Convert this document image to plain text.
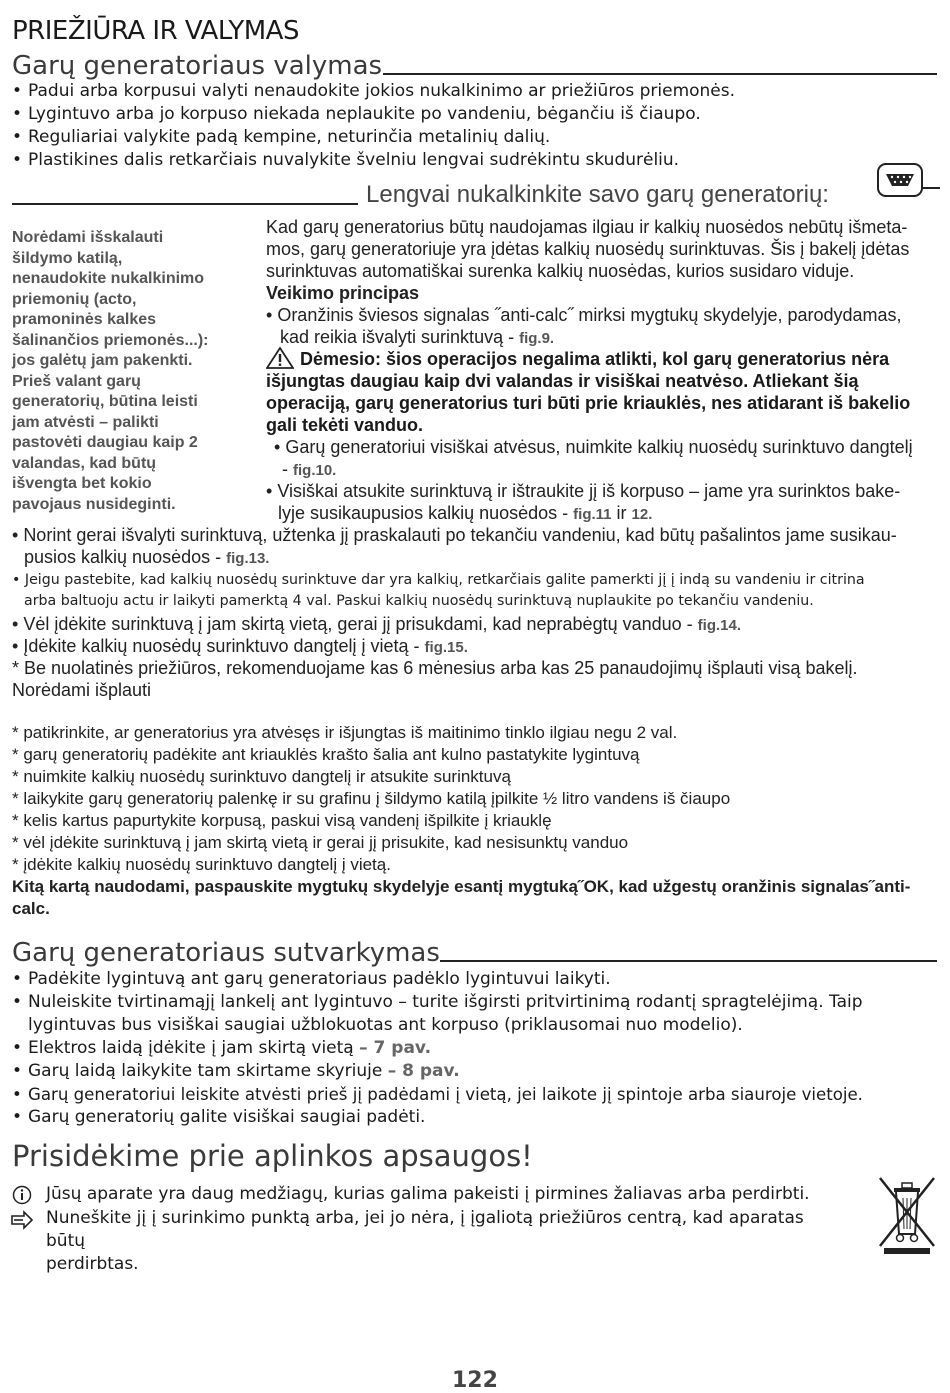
PRIEŽIŪRA IR VALYMAS
Garų generatoriaus valymas
• Padui arba korpusui valyti nenaudokite jokios nukalkinimo ar priežiūros priemonės.
• Lygintuvo arba jo korpuso niekada neplaukite po vandeniu, bėgančiu iš čiaupo.
• Reguliariai valykite padą kempine, neturinčia metalinių dalių.
• Plastikines dalis retkarčiais nuvalykite švelniu lengvai sudrėkintu skudurėliu.
Lengvai nukalkinkite savo garų generatorių:
Norėdami išskalauti
šildymo katilą,
nenaudokite nukalkinimo
priemonių (acto,
pramoninės kalkes
šalinančios priemonės...):
jos galėtų jam pakenkti.
Prieš valant garų
generatorių, būtina leisti
jam atvėsti – palikti
pastovėti daugiau kaip 2
valandas, kad būtų
išvengta bet kokio
pavojaus nusideginti.
Kad garų generatorius būtų naudojamas ilgiau ir kalkių nuosėdos nebūtų išmeta-
mos, garų generatoriuje yra įdėtas kalkių nuosėdų surinktuvas. Šis į bakelį įdėtas
surinktuvas automatiškai surenka kalkių nuosėdas, kurios susidaro viduje.
Veikimo principas
• Oranžinis šviesos signalas ˝anti-calc˝ mirksi mygtukų skydelyje, parodydamas,
kad reikia išvalyti surinktuvą - fig.9.
Dėmesio: šios operacijos negalima atlikti, kol garų generatorius nėra
išjungtas daugiau kaip dvi valandas ir visiškai neatvėso. Atliekant šią
operaciją, garų generatorius turi būti prie kriauklės, nes atidarant iš bakelio
gali tekėti vanduo.
• Garų generatoriui visiškai atvėsus, nuimkite kalkių nuosėdų surinktuvo dangtelį
- fig.10.
• Visiškai atsukite surinktuvą ir ištraukite jį iš korpuso – jame yra surinktos bake-
lyje susikaupusios kalkių nuosėdos - fig.11 ir 12.
• Norint gerai išvalyti surinktuvą, užtenka jį praskalauti po tekančiu vandeniu, kad būtų pašalintos jame susikau-
pusios kalkių nuosėdos - fig.13.
• Jeigu pastebite, kad kalkių nuosėdų surinktuve dar yra kalkių, retkarčiais galite pamerkti jį į indą su vandeniu ir citrina
arba baltuoju actu ir laikyti pamerktą 4 val. Paskui kalkių nuosėdų surinktuvą nuplaukite po tekančiu vandeniu.
• Vėl įdėkite surinktuvą į jam skirtą vietą, gerai jį prisukdami, kad neprabėgtų vanduo - fig.14.
• Įdėkite kalkių nuosėdų surinktuvo dangtelį į vietą - fig.15.
* Be nuolatinės priežiūros, rekomenduojame kas 6 mėnesius arba kas 25 panaudojimų išplauti visą bakelį.
Norėdami išplauti
* patikrinkite, ar generatorius yra atvėsęs ir išjungtas iš maitinimo tinklo ilgiau negu 2 val.
* garų generatorių padėkite ant kriauklės krašto šalia ant kulno pastatykite lygintuvą
* nuimkite kalkių nuosėdų surinktuvo dangtelį ir atsukite surinktuvą
* laikykite garų generatorių palenkę ir su grafinu į šildymo katilą įpilkite ½ litro vandens iš čiaupo
* kelis kartus papurtykite korpusą, paskui visą vandenį išpilkite į kriauklę
* vėl įdėkite surinktuvą į jam skirtą vietą ir gerai jį prisukite, kad nesisunktų vanduo
* įdėkite kalkių nuosėdų surinktuvo dangtelį į vietą.
Kitą kartą naudodami, paspauskite mygtukų skydelyje esantį mygtuką˝OK, kad užgestų oranžinis signalas˝anti-
calc.
Garų generatoriaus sutvarkymas
• Padėkite lygintuvą ant garų generatoriaus padėklo lygintuvui laikyti.
• Nuleiskite tvirtinamąjį lankelį ant lygintuvo – turite išgirsti pritvirtinimą rodantį spragtelėjimą. Taip
lygintuvas bus visiškai saugiai užblokuotas ant korpuso (priklausomai nuo modelio).
• Elektros laidą įdėkite į jam skirtą vietą – 7 pav.
• Garų laidą laikykite tam skirtame skyriuje – 8 pav.
• Garų generatoriui leiskite atvėsti prieš jį padėdami į vietą, jei laikote jį spintoje arba siauroje vietoje.
• Garų generatorių galite visiškai saugiai padėti.
Prisidėkime prie aplinkos apsaugos!
Jūsų aparate yra daug medžiagų, kurias galima pakeisti į pirmines žaliavas arba perdirbti.
Nuneškite jį į surinkimo punktą arba, jei jo nėra, į įgaliotą priežiūros centrą, kad aparatas būtų
perdirbtas.
122
